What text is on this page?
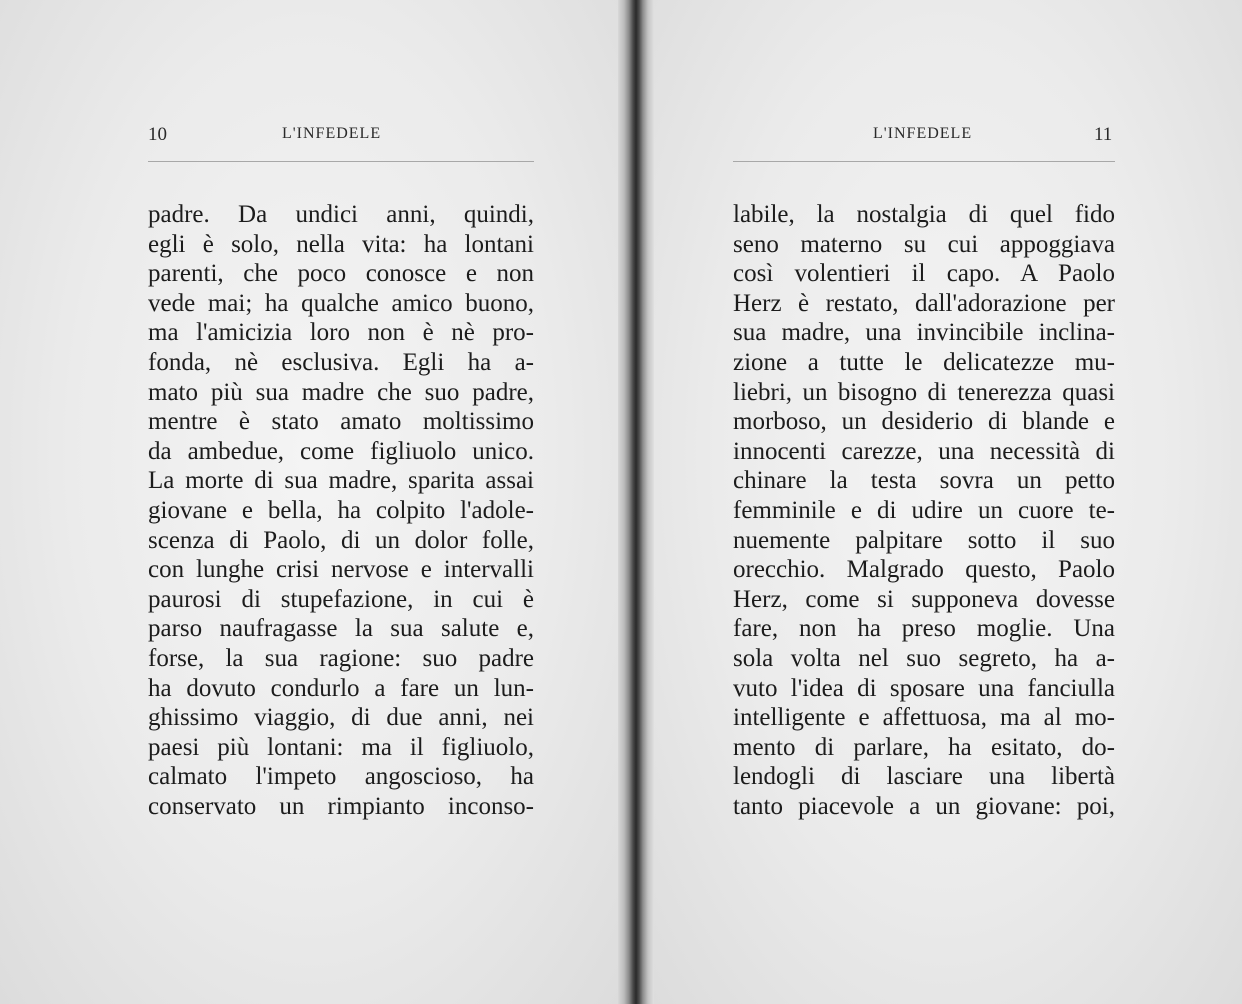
10	L'INFEDELE	L'INFEDELE	11
padre. Da undici anni, quindi,
egli è solo, nella vita: ha lontani
parenti, che poco conosce e non
vede mai; ha qualche amico buono,
ma l'amicizia loro non è nè pro-
fonda, nè esclusiva. Egli ha a-
mato più sua madre che suo padre,
mentre è stato amato moltissimo
da ambedue, come figliuolo unico.
La morte di sua madre, sparita assai
giovane e bella, ha colpito l'adole-
scenza di Paolo, di un dolor folle,
con lunghe crisi nervose e intervalli
paurosi di stupefazione, in cui è
parso naufragasse la sua salute e,
forse, la sua ragione: suo padre
ha dovuto condurlo a fare un lun-
ghissimo viaggio, di due anni, nei
paesi più lontani: ma il figliuolo,
calmato l'impeto angoscioso, ha
conservato un rimpianto inconso-
labile, la nostalgia di quel fido
seno materno su cui appoggiava
così volentieri il capo. A Paolo
Herz è restato, dall'adorazione per
sua madre, una invincibile inclina-
zione a tutte le delicatezze mu-
liebri, un bisogno di tenerezza quasi
morboso, un desiderio di blande e
innocenti carezze, una necessità di
chinare la testa sovra un petto
femminile e di udire un cuore te-
nuemente palpitare sotto il suo
orecchio. Malgrado questo, Paolo
Herz, come si supponeva dovesse
fare, non ha preso moglie. Una
sola volta nel suo segreto, ha a-
vuto l'idea di sposare una fanciulla
intelligente e affettuosa, ma al mo-
mento di parlare, ha esitato, do-
lendogli di lasciare una libertà
tanto piacevole a un giovane: poi,
